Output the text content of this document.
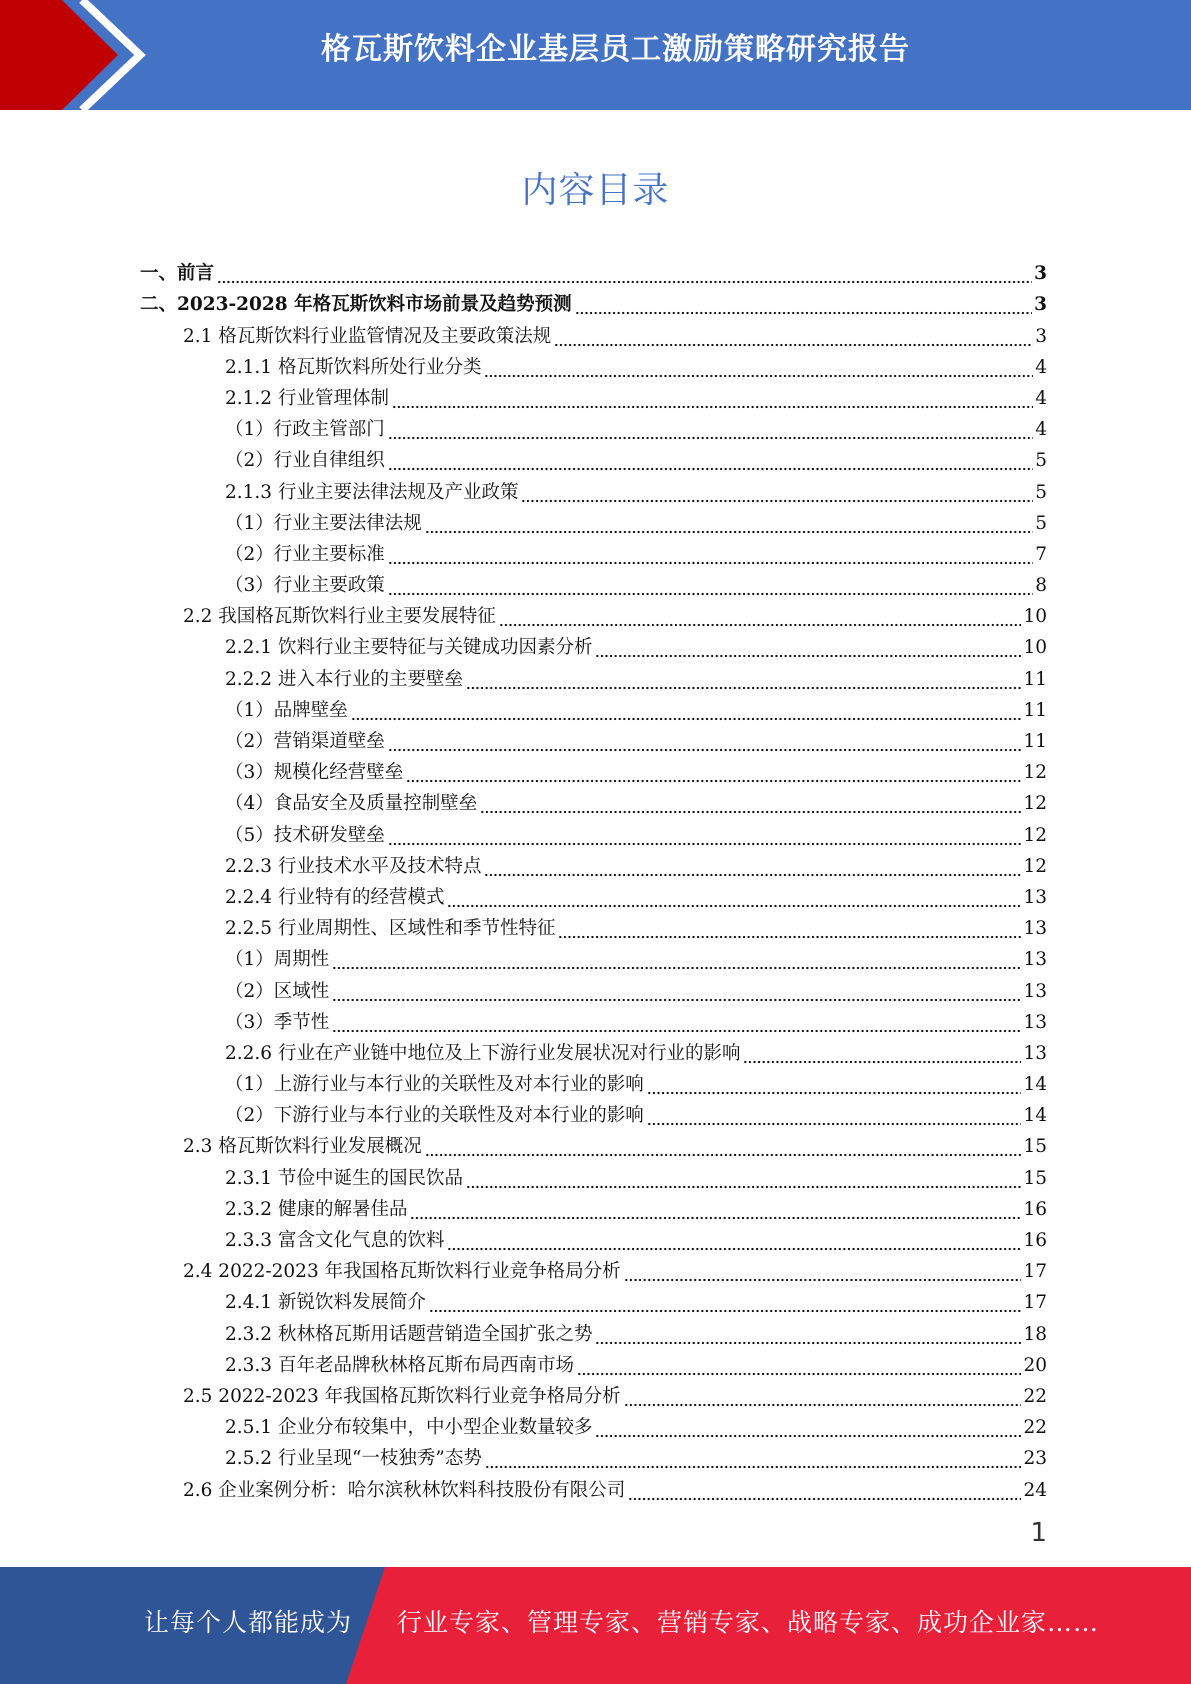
格瓦斯饮料企业基层员工激励策略研究报告
内容目录
一、前言	3
二、2023-2028 年格瓦斯饮料市场前景及趋势预测	3
2.1 格瓦斯饮料行业监管情况及主要政策法规	3
2.1.1 格瓦斯饮料所处行业分类	4
2.1.2 行业管理体制	4
（1）行政主管部门	4
（2）行业自律组织	5
2.1.3 行业主要法律法规及产业政策	5
（1）行业主要法律法规	5
（2）行业主要标准	7
（3）行业主要政策	8
2.2 我国格瓦斯饮料行业主要发展特征	10
2.2.1 饮料行业主要特征与关键成功因素分析	10
2.2.2 进入本行业的主要壁垒	11
（1）品牌壁垒	11
（2）营销渠道壁垒	11
（3）规模化经营壁垒	12
（4）食品安全及质量控制壁垒	12
（5）技术研发壁垒	12
2.2.3 行业技术水平及技术特点	12
2.2.4 行业特有的经营模式	13
2.2.5 行业周期性、区域性和季节性特征	13
（1）周期性	13
（2）区域性	13
（3）季节性	13
2.2.6 行业在产业链中地位及上下游行业发展状况对行业的影响	13
（1）上游行业与本行业的关联性及对本行业的影响	14
（2）下游行业与本行业的关联性及对本行业的影响	14
2.3 格瓦斯饮料行业发展概况	15
2.3.1 节俭中诞生的国民饮品	15
2.3.2 健康的解暑佳品	16
2.3.3 富含文化气息的饮料	16
2.4 2022-2023 年我国格瓦斯饮料行业竞争格局分析	17
2.4.1 新锐饮料发展简介	17
2.3.2 秋林格瓦斯用话题营销造全国扩张之势	18
2.3.3 百年老品牌秋林格瓦斯布局西南市场	20
2.5 2022-2023 年我国格瓦斯饮料行业竞争格局分析	22
2.5.1 企业分布较集中，中小型企业数量较多	22
2.5.2 行业呈现“一枝独秀”态势	23
2.6 企业案例分析：哈尔滨秋林饮料科技股份有限公司	24
1
让每个人都能成为 行业专家、管理专家、营销专家、战略专家、成功企业家……
